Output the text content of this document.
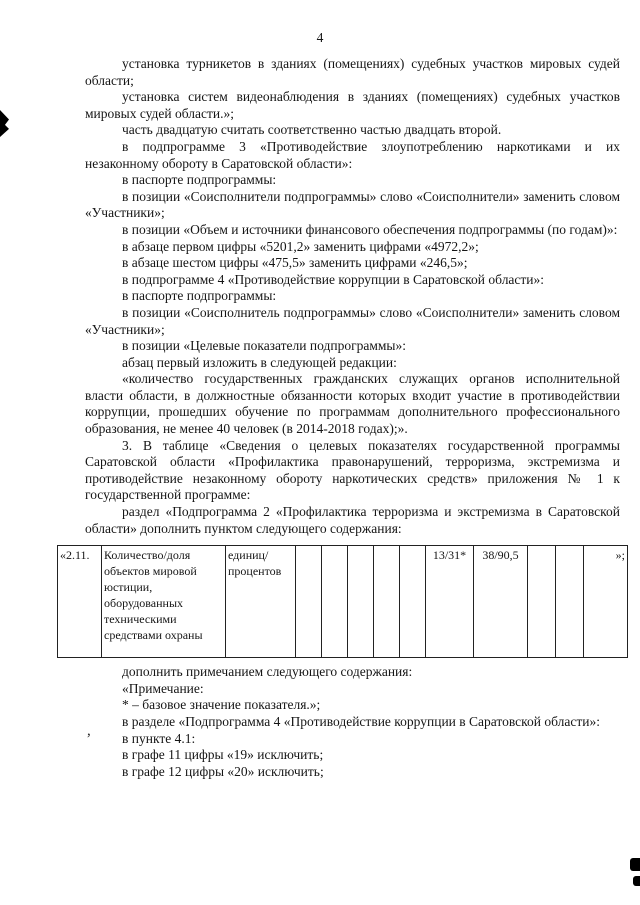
4

установка турникетов в зданиях (помещениях) судебных участков мировых судей области;

установка систем видеонаблюдения в зданиях (помещениях) судебных участков мировых судей области.»;

часть двадцатую считать соответственно частью двадцать второй.

в подпрограмме 3 «Противодействие злоупотреблению наркотиками и их незаконному обороту в Саратовской области»:

в паспорте подпрограммы:

в позиции «Соисполнители подпрограммы» слово «Соисполнители» заменить словом «Участники»;

в позиции «Объем и источники финансового обеспечения подпрограммы (по годам)»:

в абзаце первом цифры «5201,2» заменить цифрами «4972,2»;

в абзаце шестом цифры «475,5» заменить цифрами «246,5»;

в подпрограмме 4 «Противодействие коррупции в Саратовской области»:

в паспорте подпрограммы:

в позиции «Соисполнитель подпрограммы» слово «Соисполнители» заменить словом «Участники»;

в позиции «Целевые показатели подпрограммы»:

абзац первый изложить в следующей редакции:

«количество государственных гражданских служащих органов исполнительной власти области, в должностные обязанности которых входит участие в противодействии коррупции, прошедших обучение по программам дополнительного профессионального образования, не менее 40 человек (в 2014-2018 годах);».

3. В таблице «Сведения о целевых показателях государственной программы Саратовской области «Профилактика правонарушений, терроризма, экстремизма и противодействие незаконному обороту наркотических средств» приложения № 1 к государственной программе:

раздел «Подпрограмма 2 «Профилактика терроризма и экстремизма в Саратовской области» дополнить пунктом следующего содержания:

«2.11.	Количество/доля объектов мировой юстиции, оборудованных техническими средствами охраны	единиц/процентов						13/31*	38/90,5			»;

дополнить примечанием следующего содержания:

«Примечание:

* – базовое значение показателя.»;

в разделе «Подпрограмма 4 «Противодействие коррупции в Саратовской области»:

в пункте 4.1:

в графе 11 цифры «19» исключить;

в графе 12 цифры «20» исключить;

,
